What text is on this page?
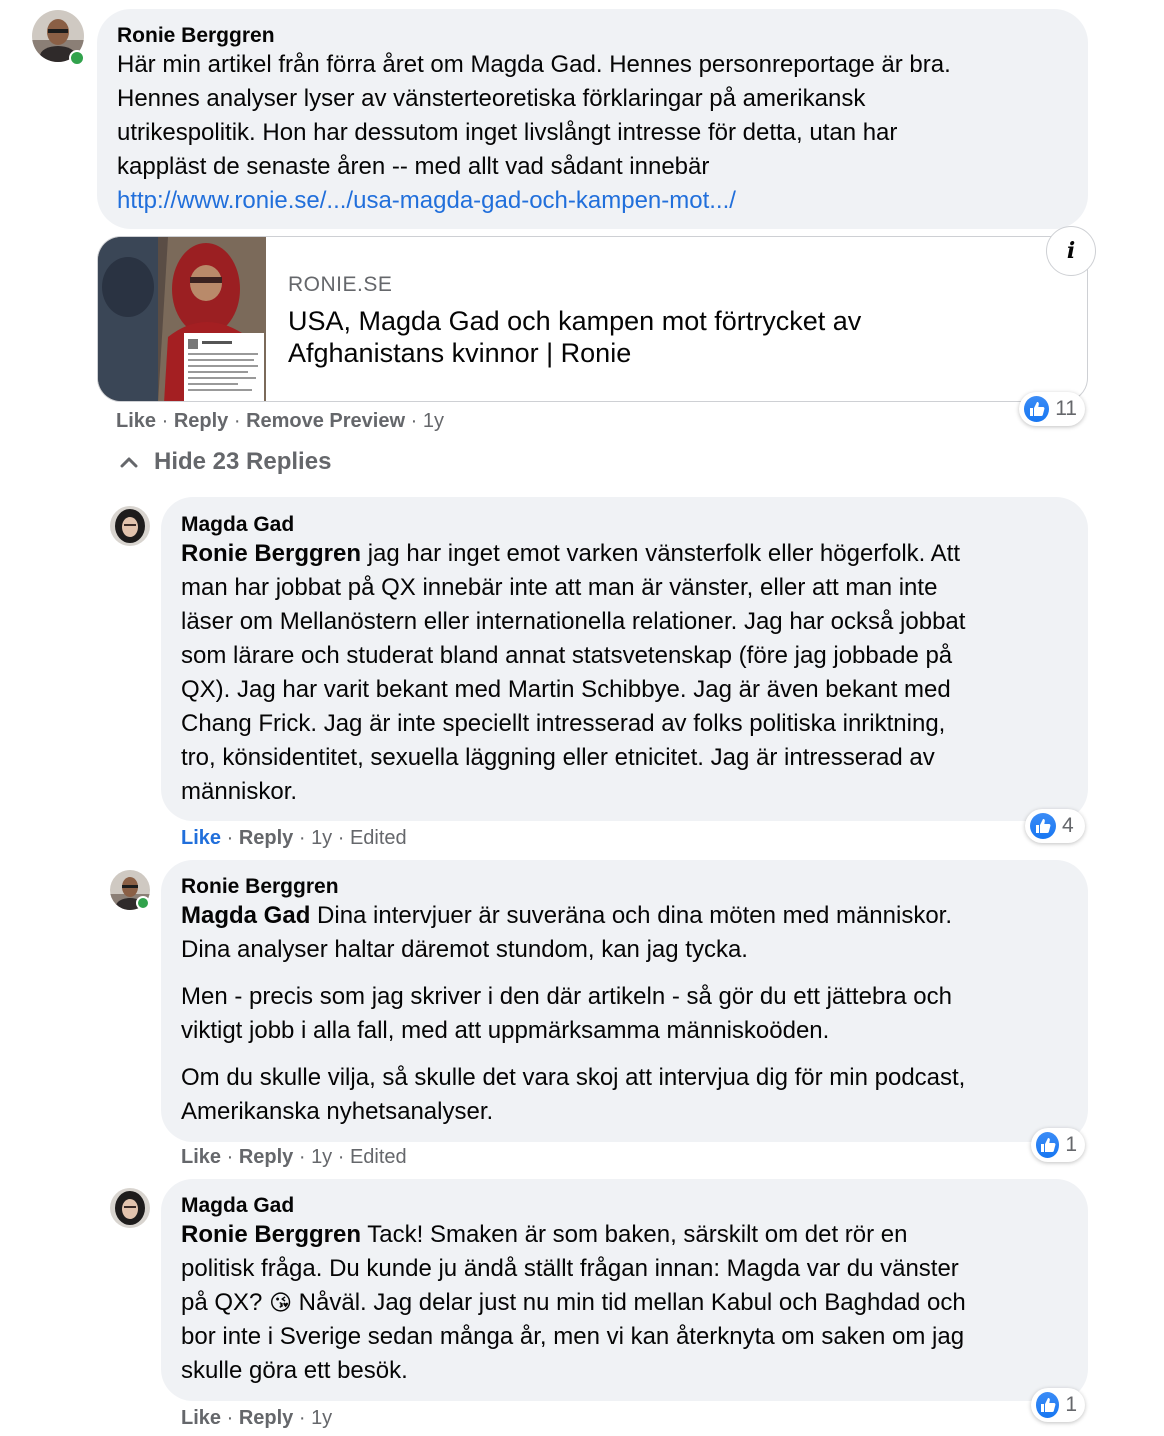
Ronie Berggren
Här min artikel från förra året om Magda Gad. Hennes personreportage är bra.
Hennes analyser lyser av vänsterteoretiska förklaringar på amerikansk
utrikespolitik. Hon har dessutom inget livslångt intresse för detta, utan har
kappläst de senaste åren -- med allt vad sådant innebär
http://www.ronie.se/.../usa-magda-gad-och-kampen-mot.../
RONIE.SE
USA, Magda Gad och kampen mot förtrycket av
Afghanistans kvinnor | Ronie
i
Like · Reply · Remove Preview · 1y
11
Hide 23 Replies
Magda Gad
Ronie Berggren jag har inget emot varken vänsterfolk eller högerfolk. Att
man har jobbat på QX innebär inte att man är vänster, eller att man inte
läser om Mellanöstern eller internationella relationer. Jag har också jobbat
som lärare och studerat bland annat statsvetenskap (före jag jobbade på
QX). Jag har varit bekant med Martin Schibbye. Jag är även bekant med
Chang Frick. Jag är inte speciellt intresserad av folks politiska inriktning,
tro, könsidentitet, sexuella läggning eller etnicitet. Jag är intresserad av
människor.
Like · Reply · 1y · Edited
4
Ronie Berggren

Magda Gad Dina intervjuer är suveräna och dina möten med människor.

Dina analyser haltar däremot stundom, kan jag tycka.

Men - precis som jag skriver i den där artikeln - så gör du ett jättebra och

viktigt jobb i alla fall, med att uppmärksamma människoöden.

Om du skulle vilja, så skulle det vara skoj att intervjua dig för min podcast,

Amerikanska nyhetsanalyser.

Like · Reply · 1y · Edited
1
Magda Gad
Ronie Berggren Tack! Smaken är som baken, särskilt om det rör en
politisk fråga. Du kunde ju ändå ställt frågan innan: Magda var du vänster
på QX? 😘 Nåväl. Jag delar just nu min tid mellan Kabul och Baghdad och
bor inte i Sverige sedan många år, men vi kan återknyta om saken om jag
skulle göra ett besök.
Like · Reply · 1y
1
